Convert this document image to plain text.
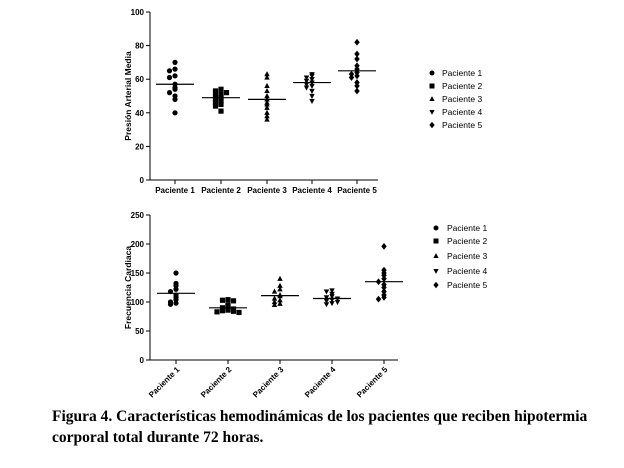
0
20
40
60
80
100
Presión Arterial Media
Paciente 1 Paciente 2 Paciente 3 Paciente 4 Paciente 5
Paciente 1
Paciente 2
Paciente 3
Paciente 4
Paciente 5
0
50
100
150
200
250
Frecuencia Cardiaca
Paciente 1 Paciente 2 Paciente 3 Paciente 4 Paciente 5
Paciente 1
Paciente 2
Paciente 3
Paciente 4
Paciente 5
Figura 4. Características hemodinámicas de los pacientes que reciben hipotermia
corporal total durante 72 horas.
